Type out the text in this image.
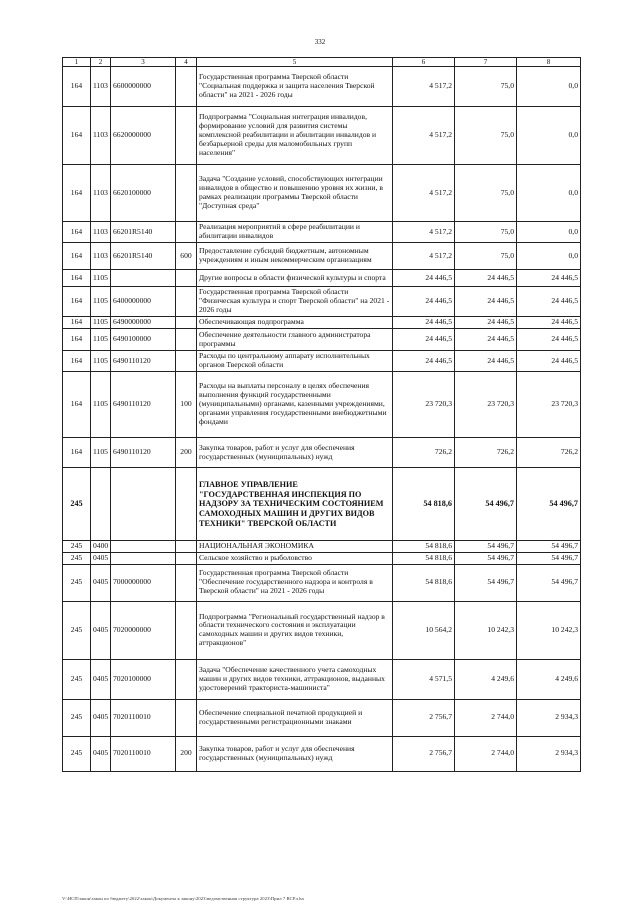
332
1	2	3	4	5	6	7	8
164	1103	6600000000		Государственная программа Тверской области "Социальная поддержка и защита населения Тверской области" на 2021 - 2026 годы	4 517,2	75,0	0,0
164	1103	6620000000		Подпрограмма "Социальная интеграция инвалидов, формирование условий для развития системы комплексной реабилитации и абилитации инвалидов и безбарьерной среды для маломобильных групп населения"	4 517,2	75,0	0,0
164	1103	6620100000		Задача "Создание условий, способствующих интеграции инвалидов в общество и повышению уровня их жизни, в рамках реализации программы Тверской области "Доступная среда"	4 517,2	75,0	0,0
164	1103	66201R5140		Реализация мероприятий в сфере реабилитации и абилитации инвалидов	4 517,2	75,0	0,0
164	1103	66201R5140	600	Предоставление субсидий бюджетным, автономным учреждениям и иным некоммерческим организациям	4 517,2	75,0	0,0
164	1105			Другие вопросы в области физической культуры и спорта	24 446,5	24 446,5	24 446,5
164	1105	6400000000		Государственная программа Тверской области "Физическая культура и спорт Тверской области" на 2021 - 2026 годы	24 446,5	24 446,5	24 446,5
164	1105	6490000000		Обеспечивающая подпрограмма	24 446,5	24 446,5	24 446,5
164	1105	6490100000		Обеспечение деятельности главного администратора программы	24 446,5	24 446,5	24 446,5
164	1105	6490110120		Расходы по центральному аппарату исполнительных органов Тверской области	24 446,5	24 446,5	24 446,5
164	1105	6490110120	100	Расходы на выплаты персоналу в целях обеспечения выполнения функций государственными (муниципальными) органами, казенными учреждениями, органами управления государственными внебюджетными фондами	23 720,3	23 720,3	23 720,3
164	1105	6490110120	200	Закупка товаров, работ и услуг для обеспечения государственных (муниципальных) нужд	726,2	726,2	726,2
245				ГЛАВНОЕ УПРАВЛЕНИЕ "ГОСУДАРСТВЕННАЯ ИНСПЕКЦИЯ ПО НАДЗОРУ ЗА ТЕХНИЧЕСКИМ СОСТОЯНИЕМ САМОХОДНЫХ МАШИН И ДРУГИХ ВИДОВ ТЕХНИКИ" ТВЕРСКОЙ ОБЛАСТИ	54 818,6	54 496,7	54 496,7
245	0400			НАЦИОНАЛЬНАЯ ЭКОНОМИКА	54 818,6	54 496,7	54 496,7
245	0405			Сельское хозяйство и рыболовство	54 818,6	54 496,7	54 496,7
245	0405	7000000000		Государственная программа Тверской области "Обеспечение государственного надзора и контроля в Тверской области" на 2021 - 2026 годы	54 818,6	54 496,7	54 496,7
245	0405	7020000000		Подпрограмма "Региональный государственный надзор в области технического состояния и эксплуатации самоходных машин и других видов техники, аттракционов"	10 564,2	10 242,3	10 242,3
245	0405	7020100000		Задача "Обеспечение качественного учета самоходных машин и других видов техники, аттракционов, выданных удостоверений тракториста-машиниста"	4 571,5	4 249,6	4 249,6
245	0405	7020110010		Обеспечение специальной печатной продукцией и государственными регистрационными знаками	2 756,7	2 744,0	2 934,3
245	0405	7020110010	200	Закупка товаров, работ и услуг для обеспечения государственных (муниципальных) нужд	2 756,7	2 744,0	2 934,3
V:\ИСП\закон\закон по бюджету\2022\закон\Документы к закону\2023\ведомственная структура 2023\Прил 7 ВСР.xlsx
